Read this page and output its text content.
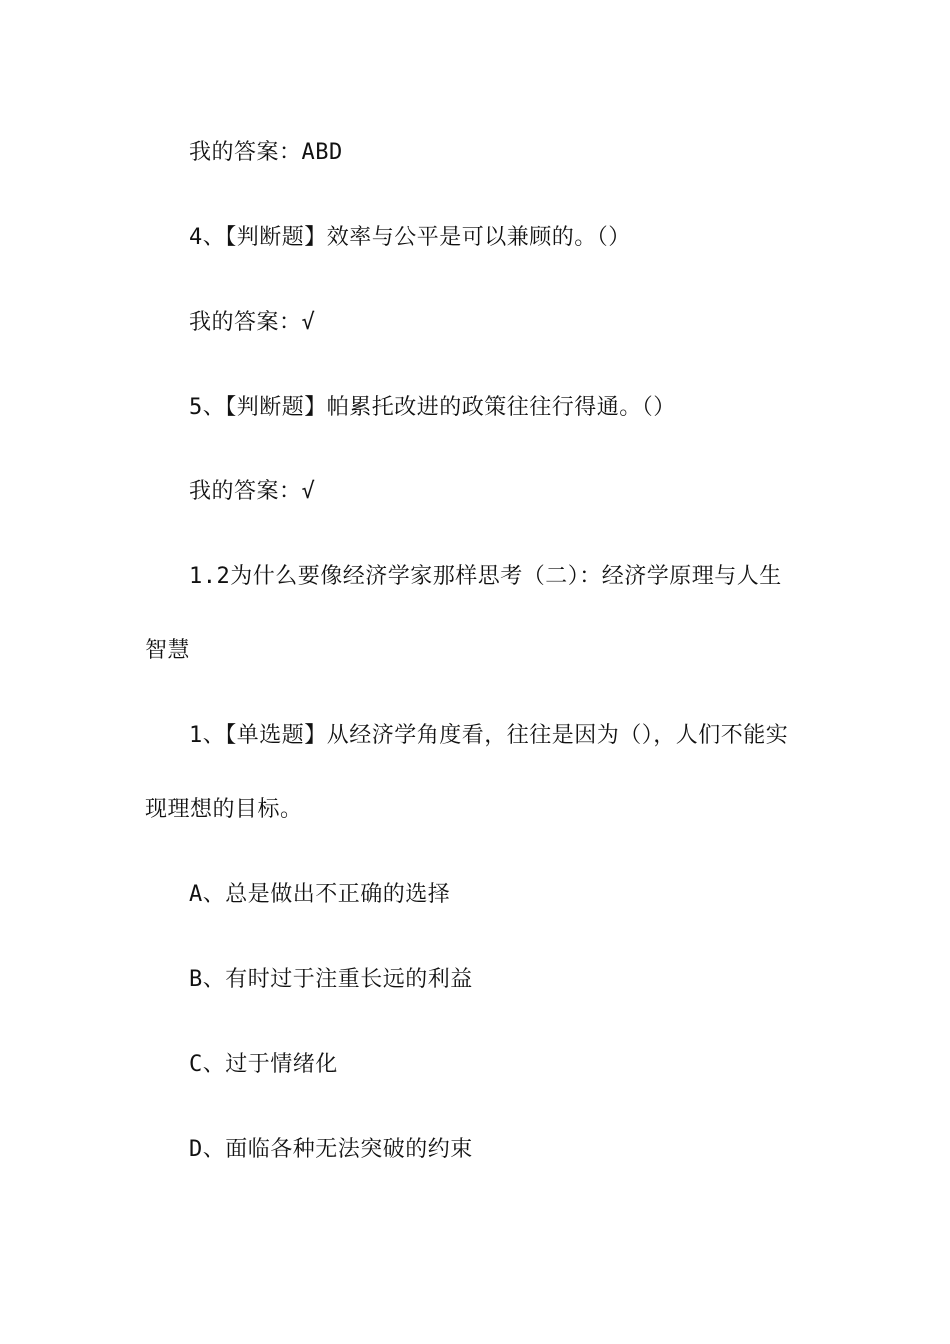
我的答案：ABD
4、【判断题】效率与公平是可以兼顾的。（）
我的答案：√
5、【判断题】帕累托改进的政策往往行得通。（）
我的答案：√
1.2为什么要像经济学家那样思考（二）：经济学原理与人生
智慧
1、【单选题】从经济学角度看，往往是因为（），人们不能实
现理想的目标。
A、总是做出不正确的选择
B、有时过于注重长远的利益
C、过于情绪化
D、面临各种无法突破的约束
